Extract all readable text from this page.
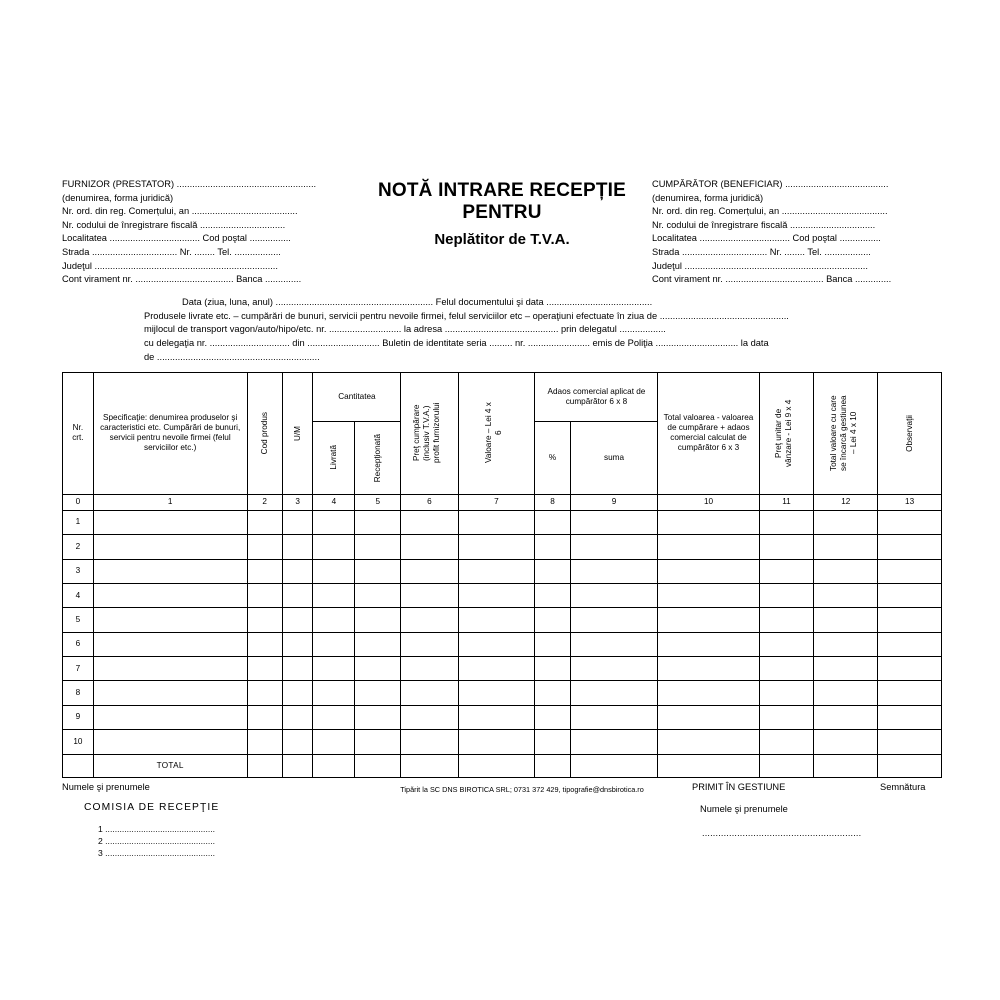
FURNIZOR (PRESTATOR) ......................................................
(denumirea, forma juridică)
Nr. ord. din reg. Comerțului, an .........................................
Nr. codului de înregistrare fiscală .................................
Localitatea ................................... Cod poştal ................
Strada ................................. Nr. ........ Tel. ..................
Judeţul .......................................................................
Cont virament nr. ...................................... Banca ..............
NOTĂ INTRARE RECEPȚIE
PENTRU
Neplătitor de T.V.A.
CUMPĂRĂTOR (BENEFICIAR) ........................................
(denumirea, forma juridică)
Nr. ord. din reg. Comerțului, an .........................................
Nr. codului de înregistrare fiscală .................................
Localitatea ................................... Cod poştal ................
Strada ................................. Nr. ........ Tel. ..................
Judeţul .......................................................................
Cont virament nr. ...................................... Banca ..............
Data (ziua, luna, anul) ............................................................. Felul documentului şi data .........................................
Produsele livrate etc. – cumpărări de bunuri, servicii pentru nevoile firmei, felul serviciilor etc – operaţiuni efectuate în ziua de ..................................................
mijlocul de transport vagon/auto/hipo/etc. nr. ............................ la adresa ............................................ prin delegatul ..................
cu delegaţia nr. ............................... din ............................ Buletin de identitate seria ......... nr. ........................ emis de Poliţia ................................ la data
de ...............................................................
Nr.
crt.	Specificaţie: denumirea produselor şi caracteristici etc. Cumpărări de bunuri, servicii pentru nevoile firmei (felul serviciilor etc.)	Cod produs	U/M	Cantitatea		Preţ cumpărare (inclusiv T.V.A.) profit furnizorului	Valoare – Lei 4 x 6	Adaos comercial aplicat de cumpărător 6 x 8		Total valoarea - valoarea de cumpărare + adaos comercial calculat de cumpărător 6 x 3	Preţ unitar de vânzare - Lei 9 x 4	Total valoare cu care se încarcă gestiunea – Lei 4 x 10	Observaţii

				Livrată	Recepţionată			%	suma				
0	1	2	3	4	5	6	7	8	9	10	11	12	13
1													
2													
3													
4													
5													
6													
7													
8													
9													
10													
	TOTAL												
Numele şi prenumele
COMISIA DE RECEPŢIE
1 ..............................................
2 ..............................................
3 ..............................................
Tipărit la SC DNS BIROTICA SRL; 0731 372 429, tipografie@dnsbirotica.ro	PRIMIT ÎN GESTIUNE
Numele şi prenumele
...........................................................
Semnătura
